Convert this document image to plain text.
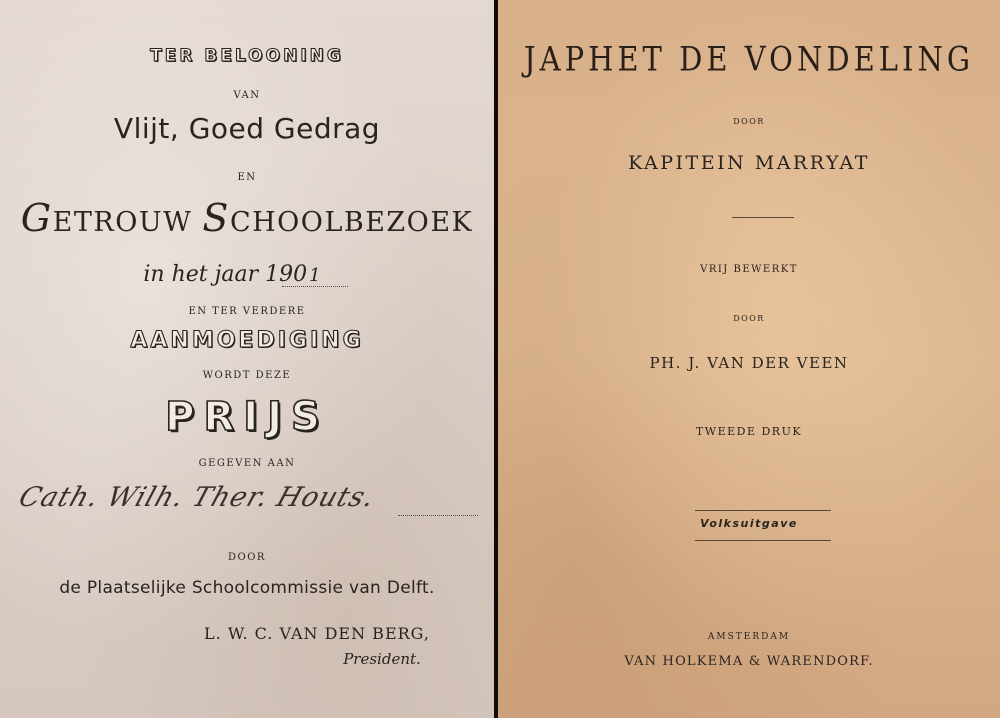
TER BELOONING
VAN
Vlijt, Goed Gedrag
EN
GETROUW SCHOOLBEZOEK
in het jaar 190 1
EN TER VERDERE
AANMOEDIGING
WORDT DEZE
PRIJS
GEGEVEN AAN
Cath. Wilh. Ther. Houts.
DOOR
de Plaatselijke Schoolcommissie van Delft.
L. W. C. VAN DEN BERG,
President.
JAPHET DE VONDELING
DOOR
KAPITEIN MARRYAT
VRIJ BEWERKT
DOOR
PH. J. VAN DER VEEN
TWEEDE DRUK
Volksuitgave
AMSTERDAM
VAN HOLKEMA & WARENDORF.
